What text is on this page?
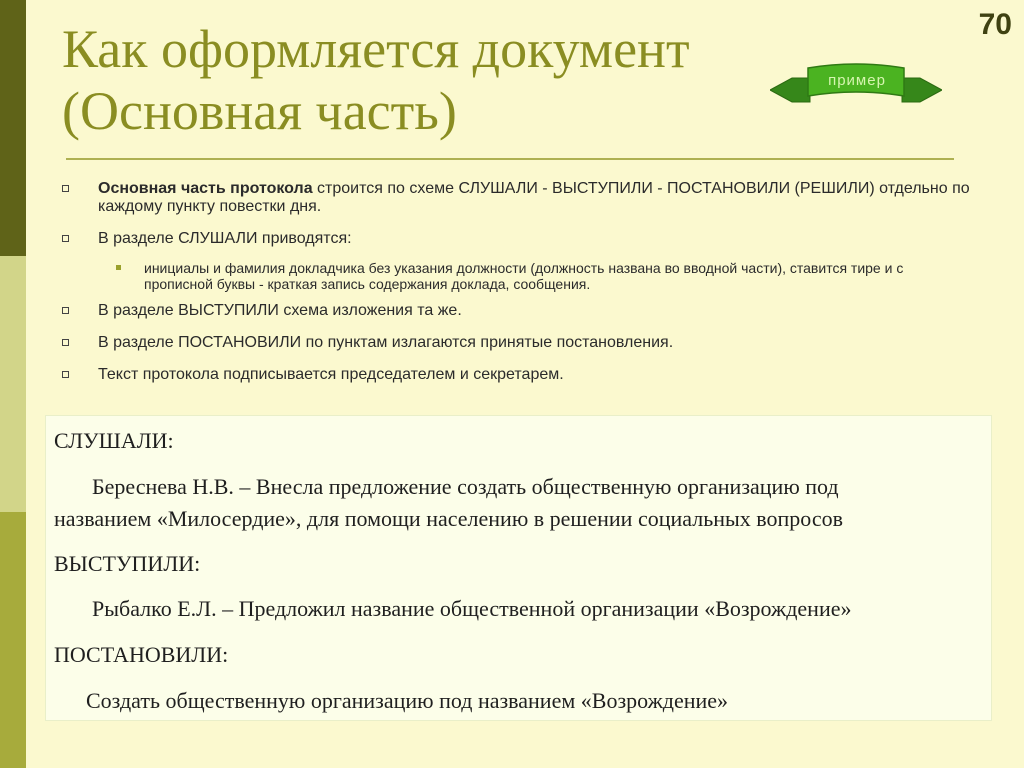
70
Как оформляется документ
(Основная часть)
пример
Основная часть протокола строится по схеме СЛУШАЛИ - ВЫСТУПИЛИ - ПОСТАНОВИЛИ (РЕШИЛИ) отдельно по каждому пункту повестки дня.
В разделе СЛУШАЛИ приводятся:
инициалы и фамилия докладчика без указания должности (должность названа во вводной части), ставится тире и с прописной буквы - краткая запись содержания доклада, сообщения.
В разделе ВЫСТУПИЛИ схема изложения та же.
В разделе ПОСТАНОВИЛИ по пунктам излагаются принятые постановления.
Текст протокола подписывается председателем и секретарем.
СЛУШАЛИ:
Береснева Н.В. – Внесла предложение создать общественную организацию под
названием «Милосердие», для помощи населению в решении социальных вопросов
ВЫСТУПИЛИ:
Рыбалко Е.Л. – Предложил название общественной организации «Возрождение»
ПОСТАНОВИЛИ:
Создать общественную организацию под названием «Возрождение»
